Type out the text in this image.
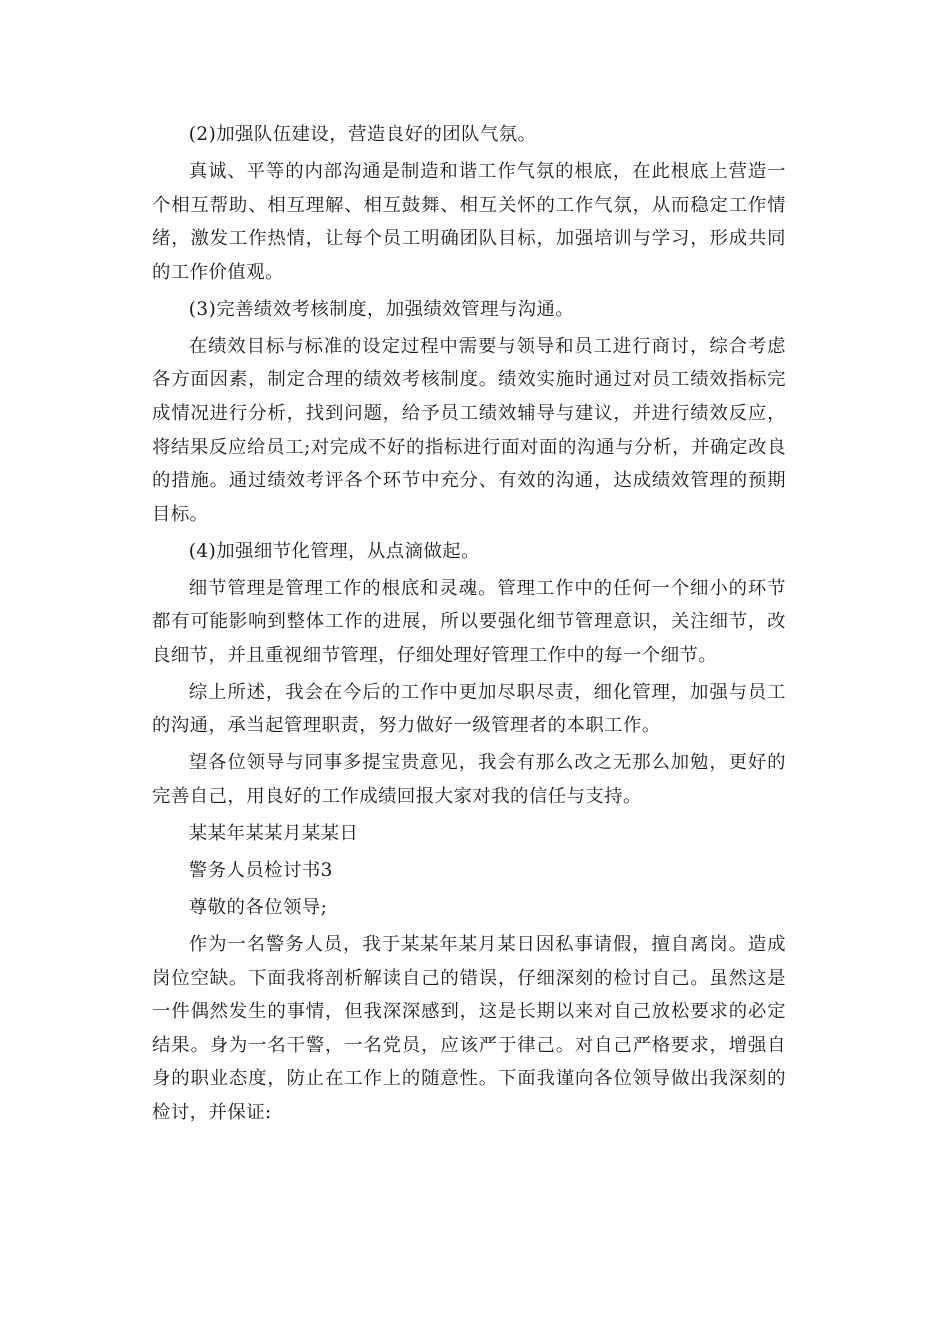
(2)加强队伍建设，营造良好的团队气氛。

真诚、平等的内部沟通是制造和谐工作气氛的根底，在此根底上营造一个相互帮助、相互理解、相互鼓舞、相互关怀的工作气氛，从而稳定工作情绪，激发工作热情，让每个员工明确团队目标，加强培训与学习，形成共同的工作价值观。

(3)完善绩效考核制度，加强绩效管理与沟通。

在绩效目标与标准的设定过程中需要与领导和员工进行商讨，综合考虑各方面因素，制定合理的绩效考核制度。绩效实施时通过对员工绩效指标完成情况进行分析，找到问题，给予员工绩效辅导与建议，并进行绩效反应，将结果反应给员工;对完成不好的指标进行面对面的沟通与分析，并确定改良的措施。通过绩效考评各个环节中充分、有效的沟通，达成绩效管理的预期目标。

(4)加强细节化管理，从点滴做起。

细节管理是管理工作的根底和灵魂。管理工作中的任何一个细小的环节都有可能影响到整体工作的进展，所以要强化细节管理意识，关注细节，改良细节，并且重视细节管理，仔细处理好管理工作中的每一个细节。

综上所述，我会在今后的工作中更加尽职尽责，细化管理，加强与员工的沟通，承当起管理职责，努力做好一级管理者的本职工作。

望各位领导与同事多提宝贵意见，我会有那么改之无那么加勉，更好的完善自己，用良好的工作成绩回报大家对我的信任与支持。

某某年某某月某某日

警务人员检讨书3

尊敬的各位领导;

作为一名警务人员，我于某某年某月某日因私事请假，擅自离岗。造成岗位空缺。下面我将剖析解读自己的错误，仔细深刻的检讨自己。虽然这是一件偶然发生的事情，但我深深感到，这是长期以来对自己放松要求的必定结果。身为一名干警，一名党员，应该严于律己。对自己严格要求，增强自身的职业态度，防止在工作上的随意性。下面我谨向各位领导做出我深刻的检讨，并保证:
